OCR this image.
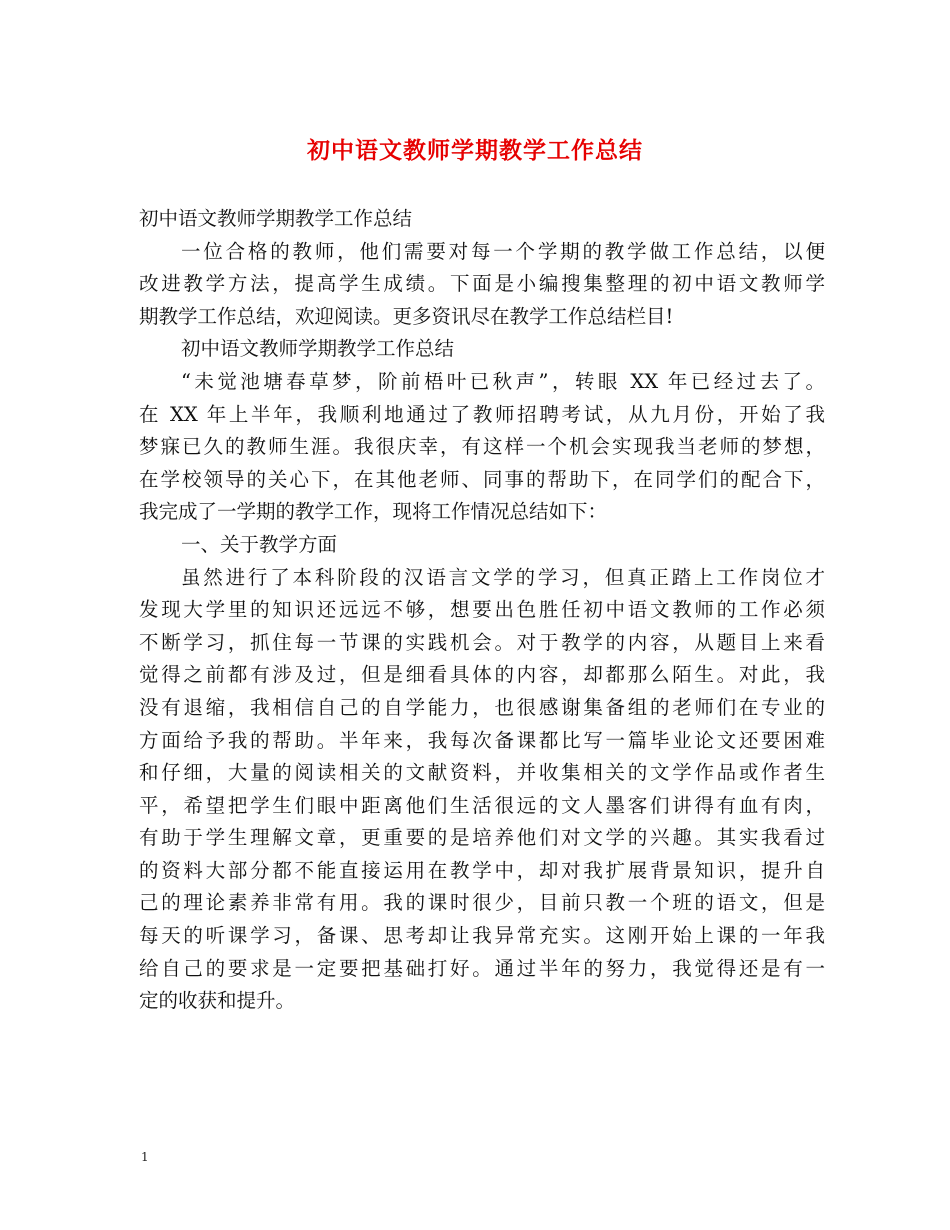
初中语文教师学期教学工作总结
初中语文教师学期教学工作总结
一位合格的教师，他们需要对每一个学期的教学做工作总结，以便
改进教学方法，提高学生成绩。下面是小编搜集整理的初中语文教师学
期教学工作总结，欢迎阅读。更多资讯尽在教学工作总结栏目!
初中语文教师学期教学工作总结
“未觉池塘春草梦，阶前梧叶已秋声”，转眼 XX 年已经过去了。
在 XX 年上半年，我顺利地通过了教师招聘考试，从九月份，开始了我
梦寐已久的教师生涯。我很庆幸，有这样一个机会实现我当老师的梦想，
在学校领导的关心下，在其他老师、同事的帮助下，在同学们的配合下，
我完成了一学期的教学工作，现将工作情况总结如下：
一、关于教学方面
虽然进行了本科阶段的汉语言文学的学习，但真正踏上工作岗位才
发现大学里的知识还远远不够，想要出色胜任初中语文教师的工作必须
不断学习，抓住每一节课的实践机会。对于教学的内容，从题目上来看
觉得之前都有涉及过，但是细看具体的内容，却都那么陌生。对此，我
没有退缩，我相信自己的自学能力，也很感谢集备组的老师们在专业的
方面给予我的帮助。半年来，我每次备课都比写一篇毕业论文还要困难
和仔细，大量的阅读相关的文献资料，并收集相关的文学作品或作者生
平，希望把学生们眼中距离他们生活很远的文人墨客们讲得有血有肉，
有助于学生理解文章，更重要的是培养他们对文学的兴趣。其实我看过
的资料大部分都不能直接运用在教学中，却对我扩展背景知识，提升自
己的理论素养非常有用。我的课时很少，目前只教一个班的语文，但是
每天的听课学习，备课、思考却让我异常充实。这刚开始上课的一年我
给自己的要求是一定要把基础打好。通过半年的努力，我觉得还是有一
定的收获和提升。
1
